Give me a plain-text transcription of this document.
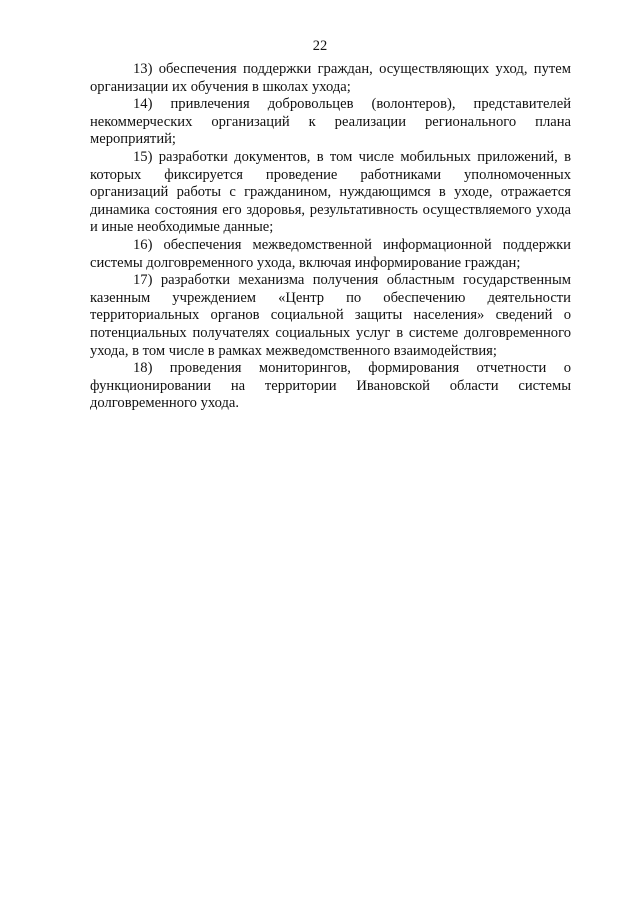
22

13) обеспечения поддержки граждан, осуществляющих уход, путем организации их обучения в школах ухода;

14) привлечения добровольцев (волонтеров), представителей некоммерческих организаций к реализации регионального плана мероприятий;

15) разработки документов, в том числе мобильных приложений, в которых фиксируется проведение работниками уполномоченных организаций работы с гражданином, нуждающимся в уходе, отражается динамика состояния его здоровья, результативность осуществляемого ухода и иные необходимые данные;

16) обеспечения межведомственной информационной поддержки системы долговременного ухода, включая информирование граждан;

17) разработки механизма получения областным государственным казенным учреждением «Центр по обеспечению деятельности территориальных органов социальной защиты населения» сведений о потенциальных получателях социальных услуг в системе долговременного ухода, в том числе в рамках межведомственного взаимодействия;

18) проведения мониторингов, формирования отчетности о функционировании на территории Ивановской области системы долговременного ухода.
